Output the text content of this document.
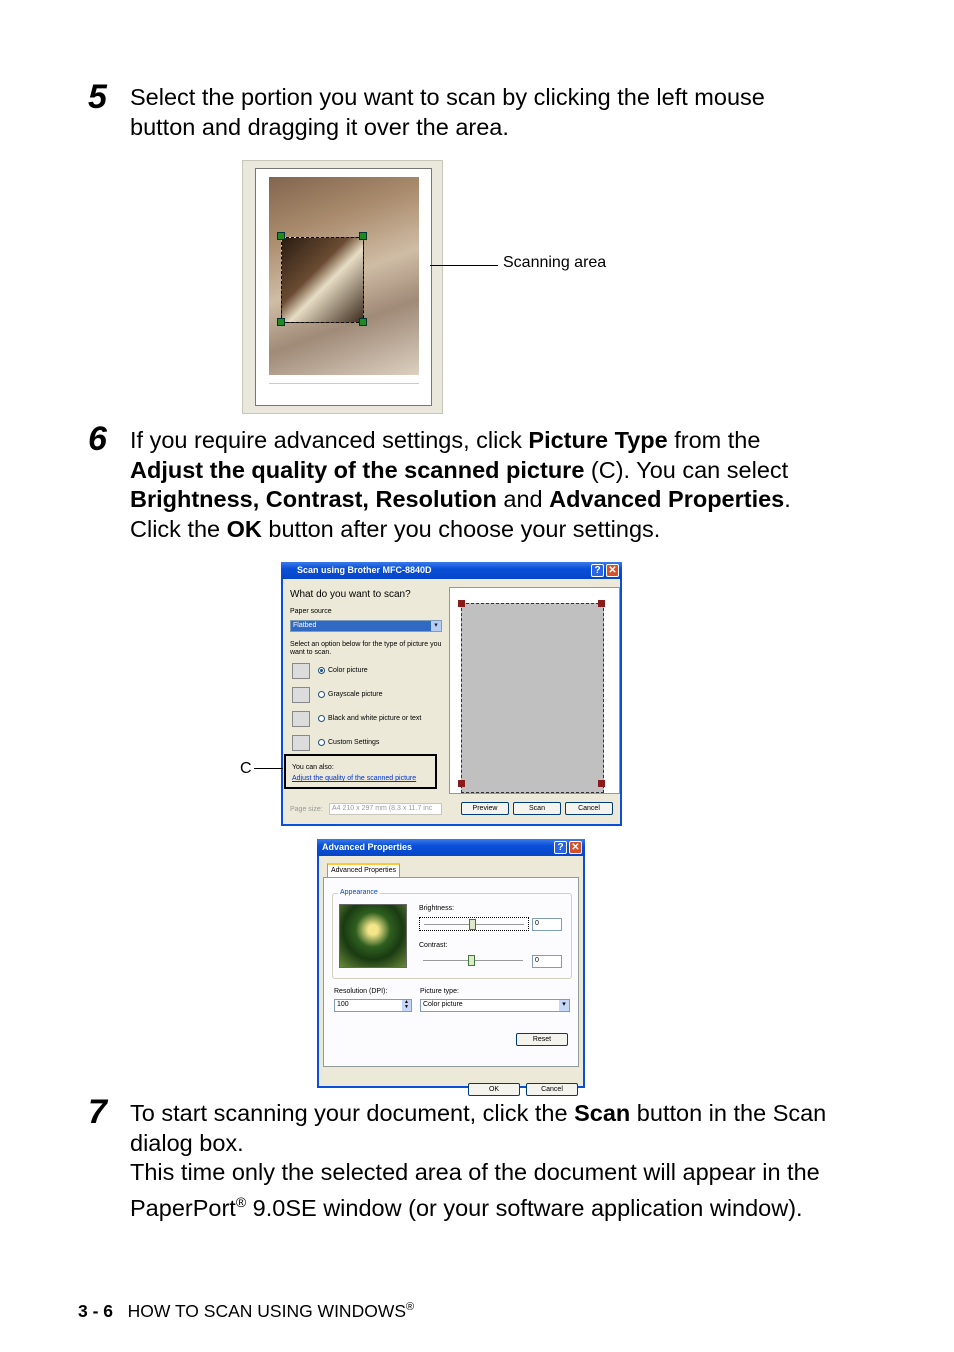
5 Select the portion you want to scan by clicking the left mouse button and dragging it over the area.
Scanning area
6 If you require advanced settings, click Picture Type from the
Adjust the quality of the scanned picture (C). You can select
Brightness, Contrast, Resolution and Advanced Properties.
Click the OK button after you choose your settings.
Scan using Brother MFC-8840D	? ✕
What do you want to scan?
Paper source
Flatbed	▾
Select an option below for the type of picture you want to scan.
Color picture
Grayscale picture
Black and white picture or text
Custom Settings
You can also:
Adjust the quality of the scanned picture
Page size:	A4 210 x 297 mm (8.3 x 11.7 inc	Preview	Scan	Cancel
C
Advanced Properties	? ✕
Advanced Properties
Appearance
Brightness:
0
Contrast:
0
Resolution (DPI):
100	▲
▼
Picture type:
Color picture	▾
Reset
OK	Cancel
7 To start scanning your document, click the Scan button in the Scan dialog box.
This time only the selected area of the document will appear in the PaperPort® 9.0SE window (or your software application window).
3 - 6 HOW TO SCAN USING WINDOWS®
